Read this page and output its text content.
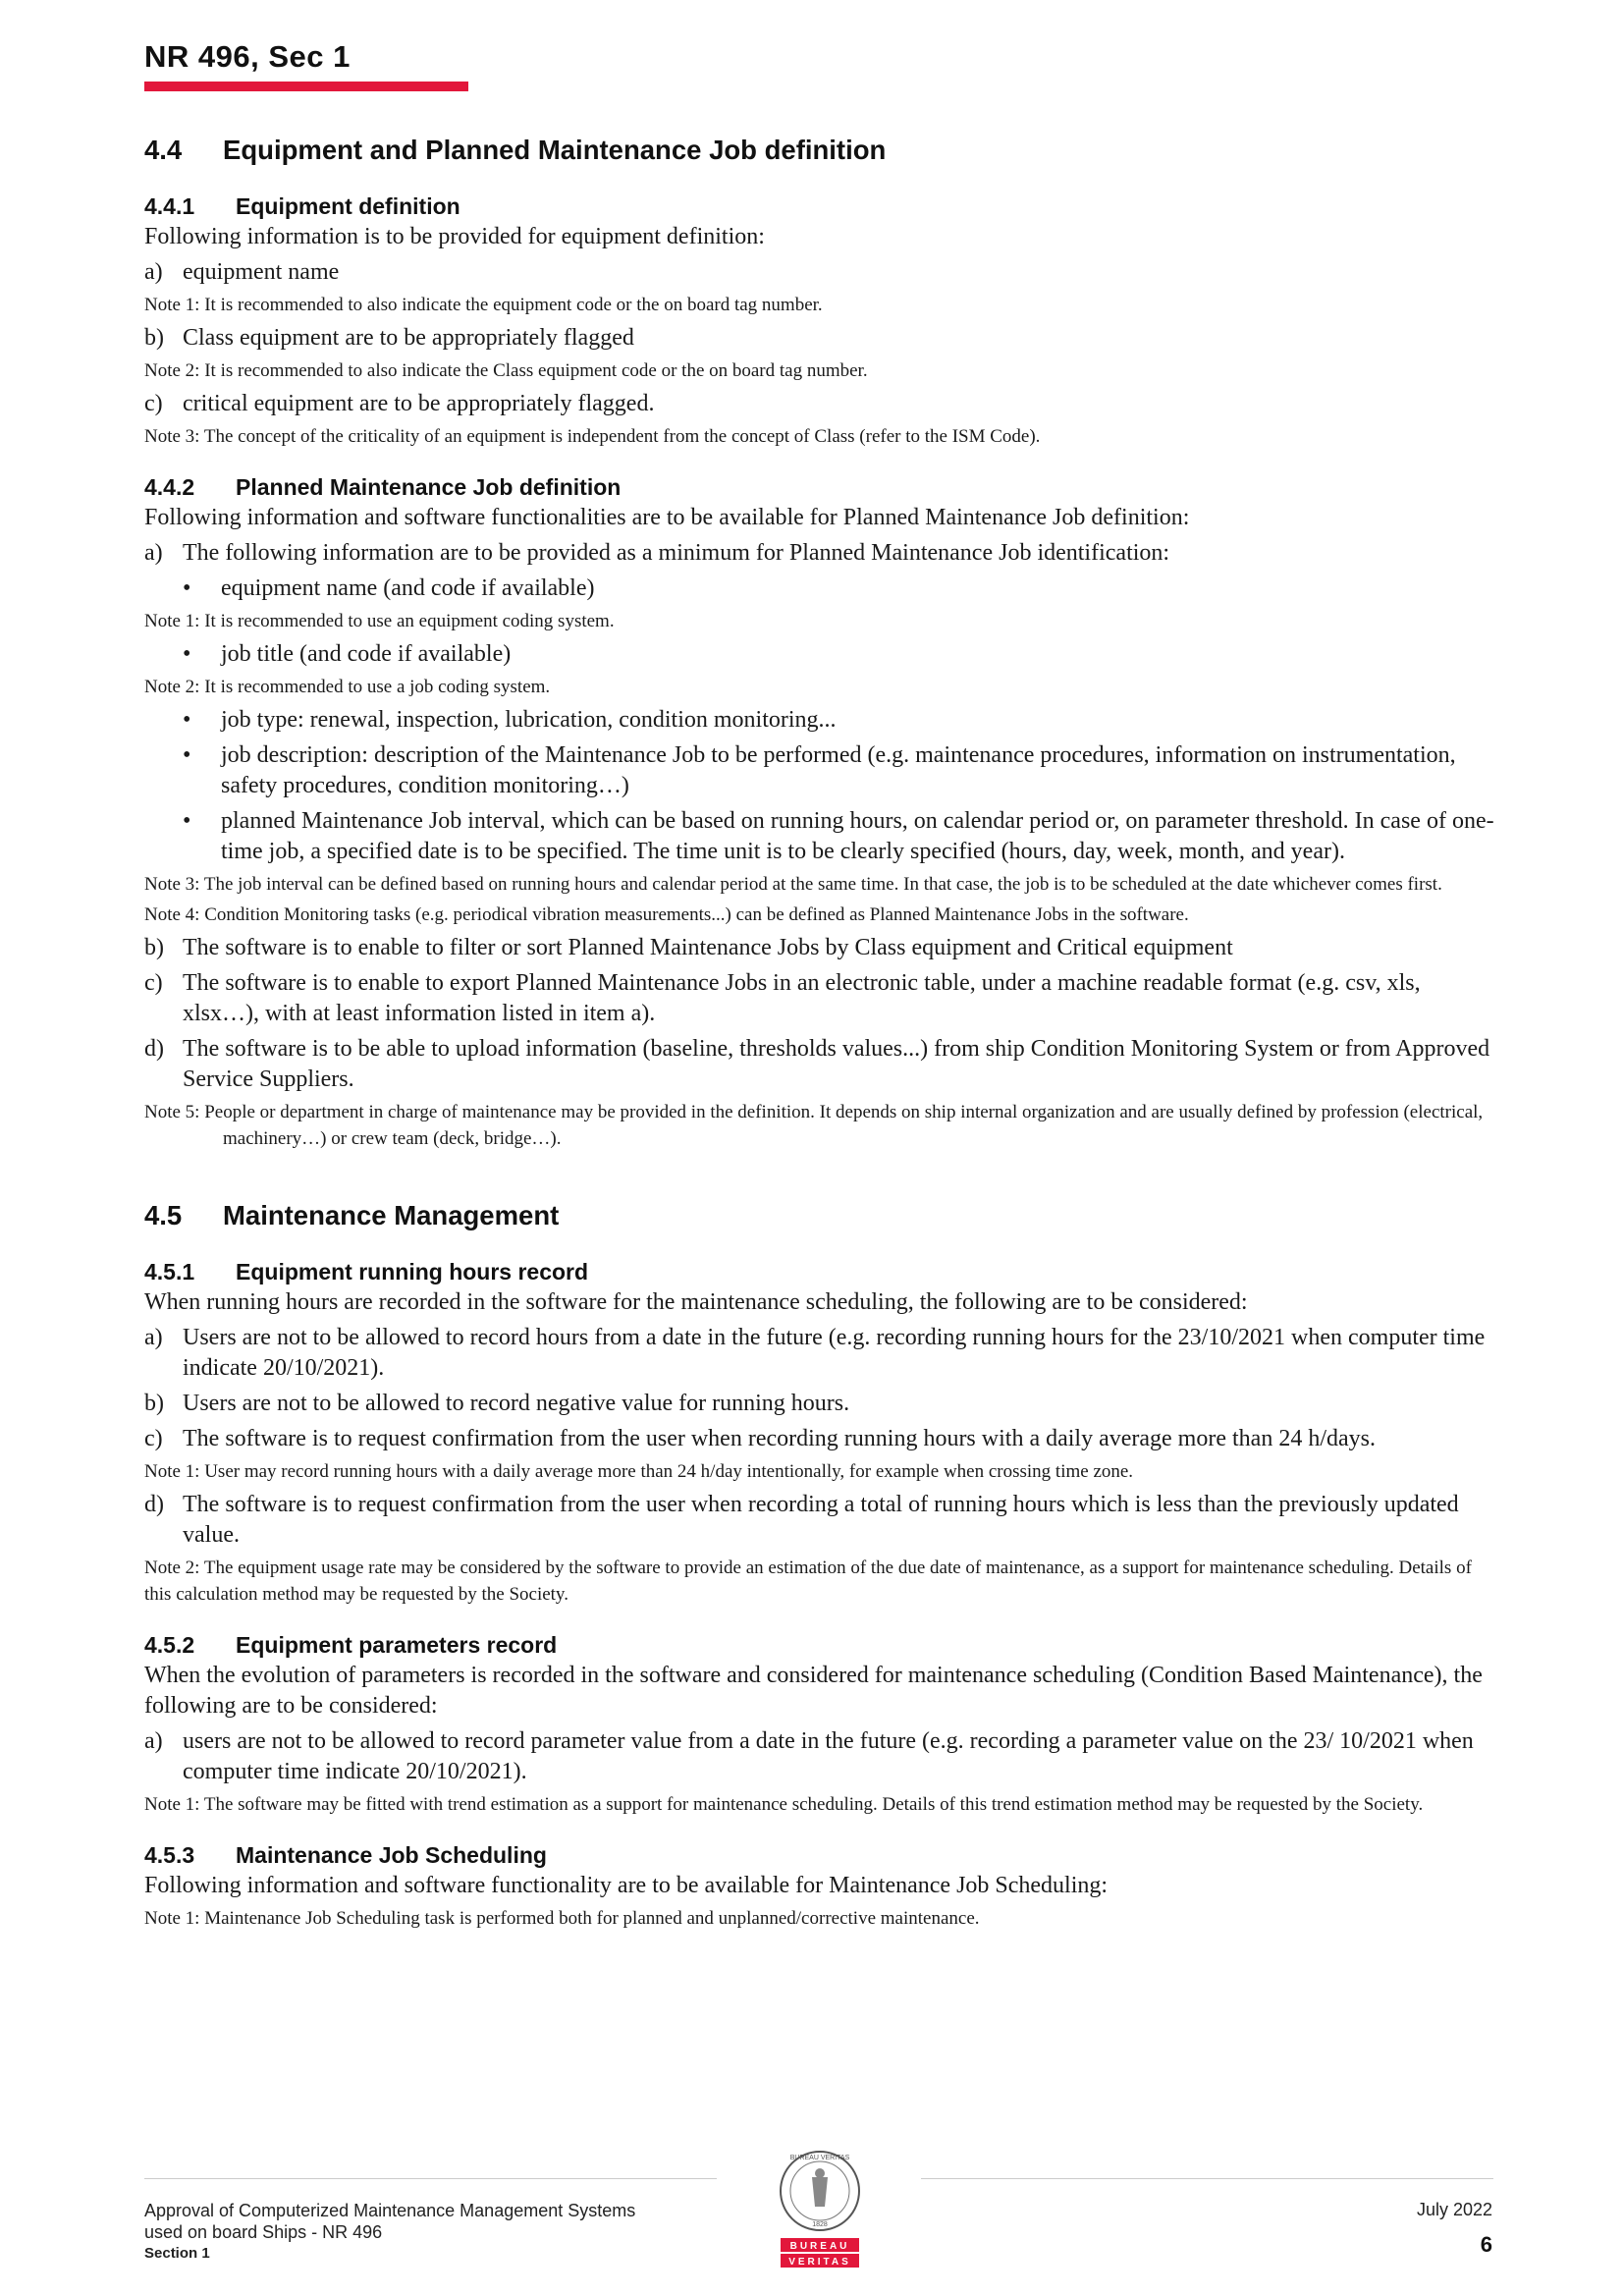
NR 496, Sec 1
4.4 Equipment and Planned Maintenance Job definition
4.4.1 Equipment definition

Following information is to be provided for equipment definition:

a) equipment name
Note 1: It is recommended to also indicate the equipment code or the on board tag number.
b) Class equipment are to be appropriately flagged
Note 2: It is recommended to also indicate the Class equipment code or the on board tag number.
c) critical equipment are to be appropriately flagged.
Note 3: The concept of the criticality of an equipment is independent from the concept of Class (refer to the ISM Code).
4.4.2 Planned Maintenance Job definition

Following information and software functionalities are to be available for Planned Maintenance Job definition:

a) The following information are to be provided as a minimum for Planned Maintenance Job identification:
•	equipment name (and code if available)
Note 1: It is recommended to use an equipment coding system.
•	job title (and code if available)
Note 2: It is recommended to use a job coding system.
•	job type: renewal, inspection, lubrication, condition monitoring...
•	job description: description of the Maintenance Job to be performed (e.g. maintenance procedures, information on instrumentation, safety procedures, condition monitoring…)
•	planned Maintenance Job interval, which can be based on running hours, on calendar period or, on parameter threshold. In case of one-time job, a specified date is to be specified. The time unit is to be clearly specified (hours, day, week, month, and year).
Note 3: The job interval can be defined based on running hours and calendar period at the same time. In that case, the job is to be scheduled at the date whichever comes first.
Note 4: Condition Monitoring tasks (e.g. periodical vibration measurements...) can be defined as Planned Maintenance Jobs in the software.
b) The software is to enable to filter or sort Planned Maintenance Jobs by Class equipment and Critical equipment
c) The software is to enable to export Planned Maintenance Jobs in an electronic table, under a machine readable format (e.g. csv, xls, xlsx…), with at least information listed in item a).
d) The software is to be able to upload information (baseline, thresholds values...) from ship Condition Monitoring System or from Approved Service Suppliers.
Note 5: People or department in charge of maintenance may be provided in the definition. It depends on ship internal organization and are usually defined by profession (electrical, machinery…) or crew team (deck, bridge…).
4.5 Maintenance Management
4.5.1 Equipment running hours record

When running hours are recorded in the software for the maintenance scheduling, the following are to be considered:

a) Users are not to be allowed to record hours from a date in the future (e.g. recording running hours for the 23/10/2021 when computer time indicate 20/10/2021).
b) Users are not to be allowed to record negative value for running hours.
c) The software is to request confirmation from the user when recording running hours with a daily average more than 24 h/days.
Note 1: User may record running hours with a daily average more than 24 h/day intentionally, for example when crossing time zone.
d) The software is to request confirmation from the user when recording a total of running hours which is less than the previously updated value.
Note 2: The equipment usage rate may be considered by the software to provide an estimation of the due date of maintenance, as a support for maintenance scheduling. Details of this calculation method may be requested by the Society.
4.5.2 Equipment parameters record

When the evolution of parameters is recorded in the software and considered for maintenance scheduling (Condition Based Maintenance), the following are to be considered:

a) users are not to be allowed to record parameter value from a date in the future (e.g. recording a parameter value on the 23/ 10/2021 when computer time indicate 20/10/2021).
Note 1: The software may be fitted with trend estimation as a support for maintenance scheduling. Details of this trend estimation method may be requested by the Society.
4.5.3 Maintenance Job Scheduling

Following information and software functionality are to be available for Maintenance Job Scheduling:

Note 1: Maintenance Job Scheduling task is performed both for planned and unplanned/corrective maintenance.
Approval of Computerized Maintenance Management Systems
used on board Ships - NR 496
Section 1
BUREAU VERITAS
1828
BUREAU
VERITAS
July 2022
6
